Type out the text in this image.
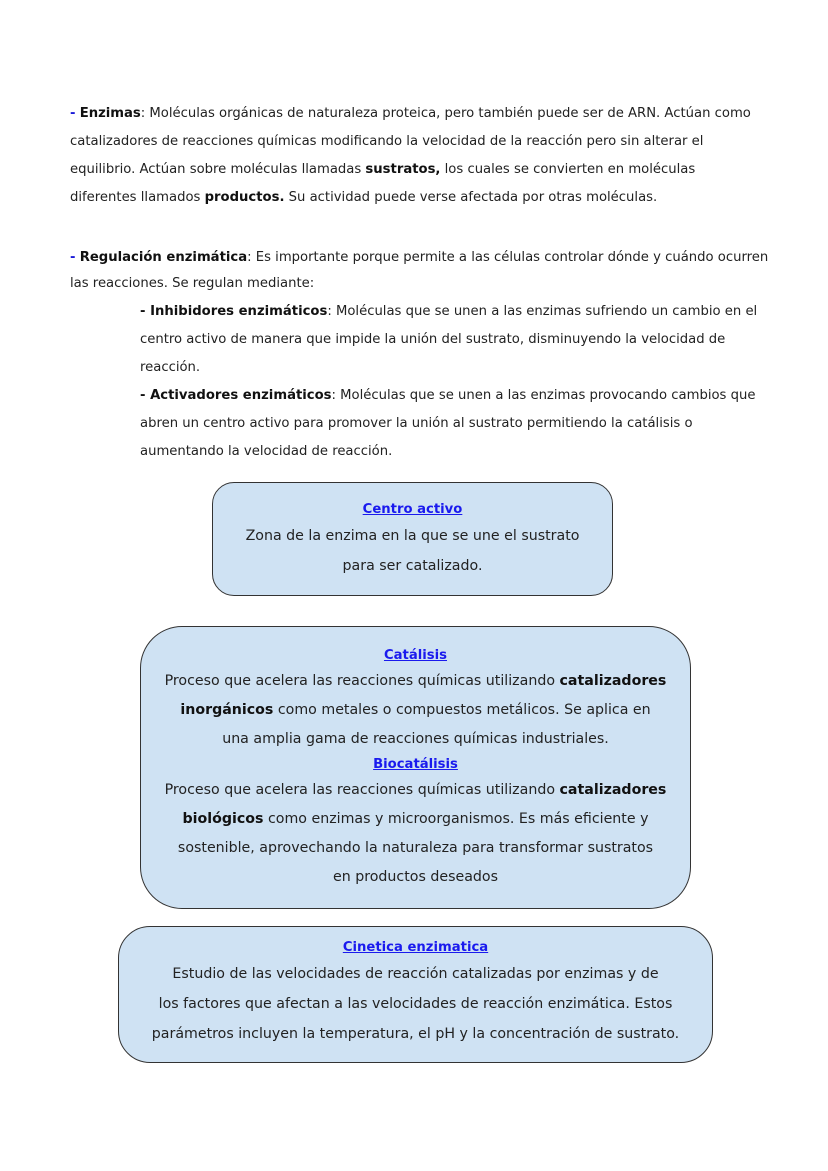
- Enzimas: Moléculas orgánicas de naturaleza proteica, pero también puede ser de ARN. Actúan como
catalizadores de reacciones químicas modificando la velocidad de la reacción pero sin alterar el
equilibrio. Actúan sobre moléculas llamadas sustratos, los cuales se convierten en moléculas
diferentes llamados productos. Su actividad puede verse afectada por otras moléculas.
- Regulación enzimática: Es importante porque permite a las células controlar dónde y cuándo ocurren
las reacciones. Se regulan mediante:
- Inhibidores enzimáticos: Moléculas que se unen a las enzimas sufriendo un cambio en el
centro activo de manera que impide la unión del sustrato, disminuyendo la velocidad de
reacción.
- Activadores enzimáticos: Moléculas que se unen a las enzimas provocando cambios que
abren un centro activo para promover la unión al sustrato permitiendo la catálisis o
aumentando la velocidad de reacción.
Centro activo
Zona de la enzima en la que se une el sustrato
para ser catalizado.
Catálisis
Proceso que acelera las reacciones químicas utilizando catalizadores
inorgánicos como metales o compuestos metálicos. Se aplica en
una amplia gama de reacciones químicas industriales.
Biocatálisis
Proceso que acelera las reacciones químicas utilizando catalizadores
biológicos como enzimas y microorganismos. Es más eficiente y
sostenible, aprovechando la naturaleza para transformar sustratos
en productos deseados
Cinetica enzimatica
Estudio de las velocidades de reacción catalizadas por enzimas y de
los factores que afectan a las velocidades de reacción enzimática. Estos
parámetros incluyen la temperatura, el pH y la concentración de sustrato.
